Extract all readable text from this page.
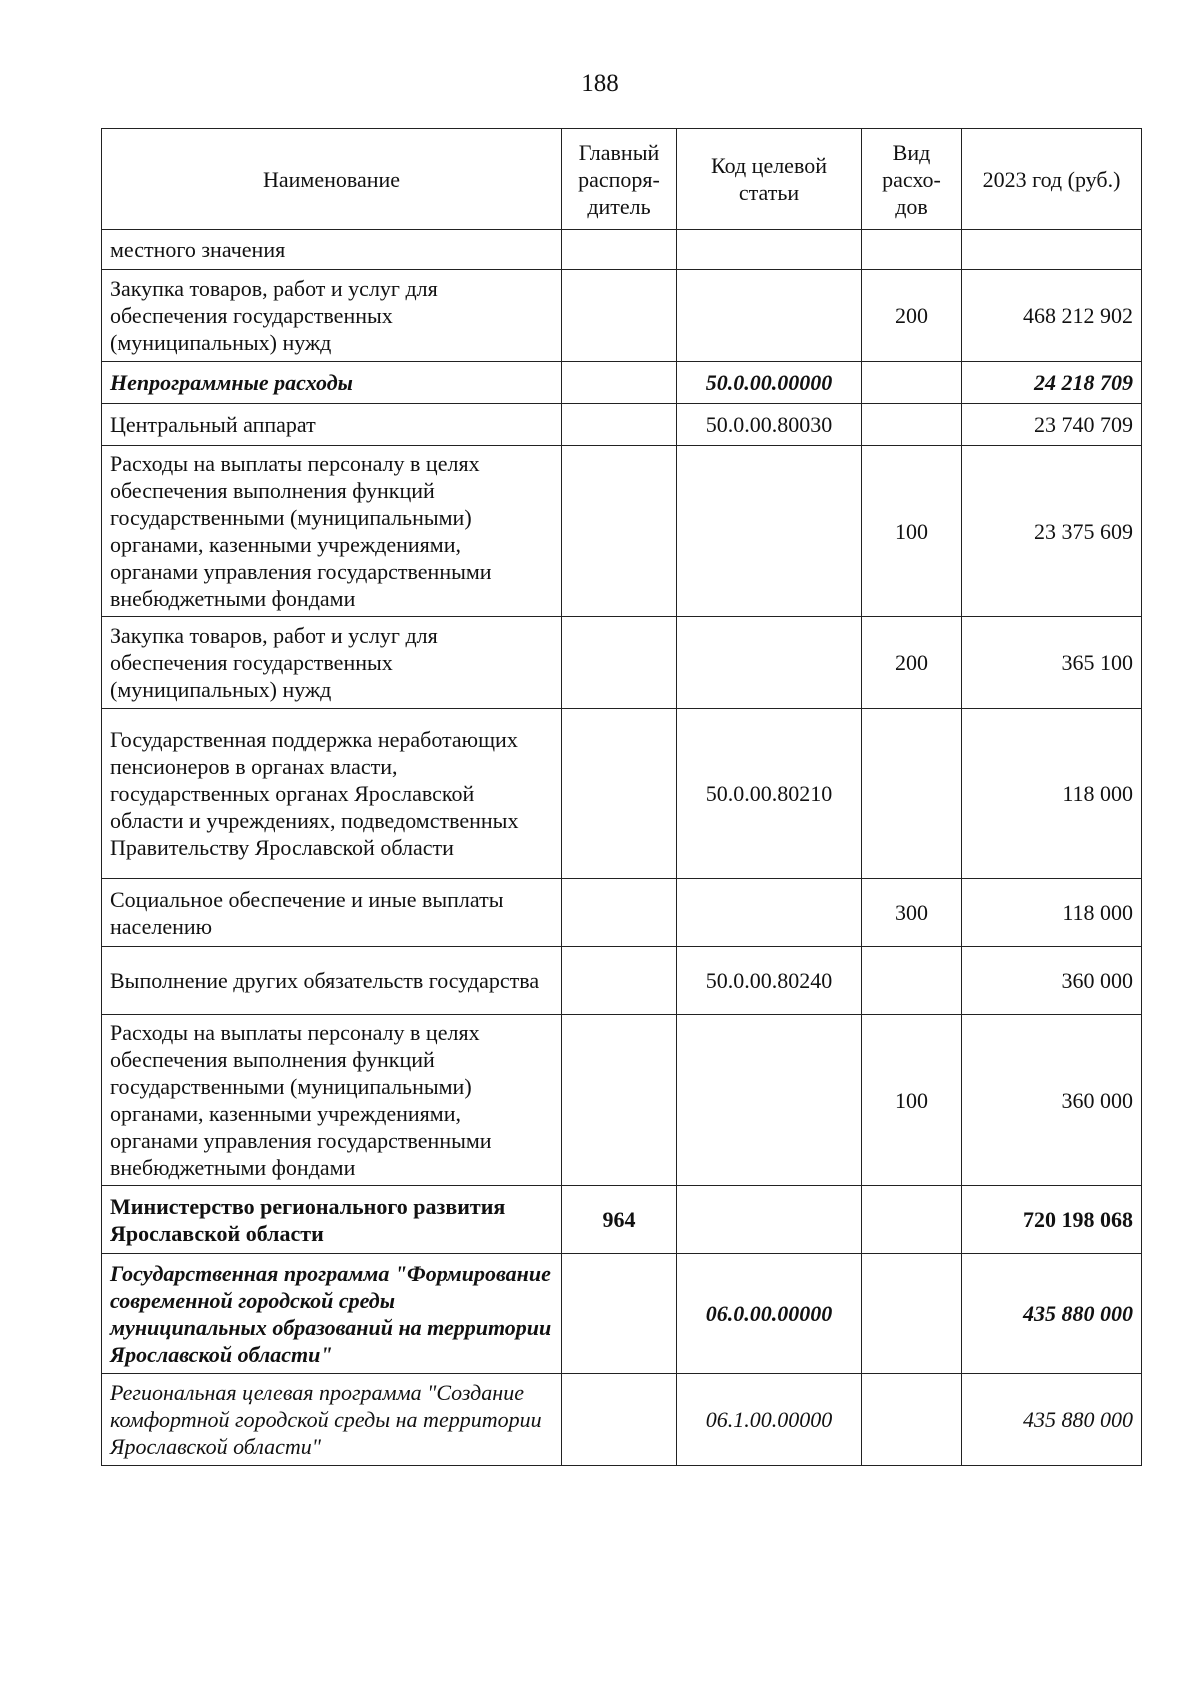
188
Наименование	Главный распоря-дитель	Код целевой статьи	Вид расхо-дов	2023 год (руб.)
местного значения				
Закупка товаров, работ и услуг для обеспечения государственных (муниципальных) нужд			200	468 212 902
Непрограммные расходы		50.0.00.00000		24 218 709
Центральный аппарат		50.0.00.80030		23 740 709
Расходы на выплаты персоналу в целях обеспечения выполнения функций государственными (муниципальными) органами, казенными учреждениями, органами управления государственными внебюджетными фондами			100	23 375 609
Закупка товаров, работ и услуг для обеспечения государственных (муниципальных) нужд			200	365 100
Государственная поддержка неработающих пенсионеров в органах власти, государственных органах Ярославской области и учреждениях, подведомственных Правительству Ярославской области		50.0.00.80210		118 000
Социальное обеспечение и иные выплаты населению			300	118 000
Выполнение других обязательств государства		50.0.00.80240		360 000
Расходы на выплаты персоналу в целях обеспечения выполнения функций государственными (муниципальными) органами, казенными учреждениями, органами управления государственными внебюджетными фондами			100	360 000
Министерство регионального развития Ярославской области	964			720 198 068
Государственная программа "Формирование современной городской среды муниципальных образований на территории Ярославской области"		06.0.00.00000		435 880 000
Региональная целевая программа "Создание комфортной городской среды на территории Ярославской области"		06.1.00.00000		435 880 000
